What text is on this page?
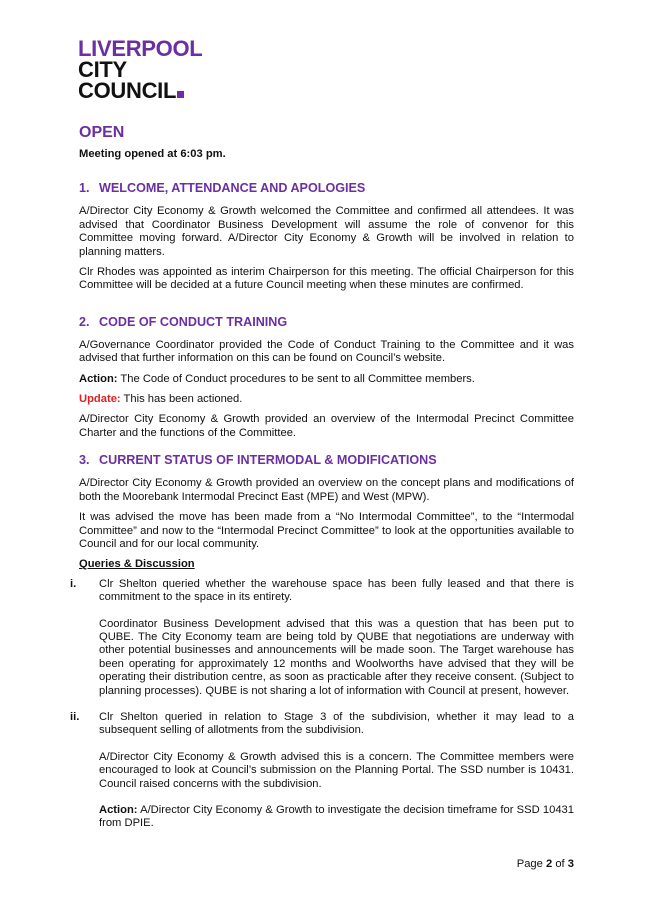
LIVERPOOL
CITY
COUNCIL
OPEN
Meeting opened at 6:03 pm.
1. WELCOME, ATTENDANCE AND APOLOGIES

A/Director City Economy & Growth welcomed the Committee and confirmed all attendees. It was advised that Coordinator Business Development will assume the role of convenor for this Committee moving forward. A/Director City Economy & Growth will be involved in relation to planning matters.

Clr Rhodes was appointed as interim Chairperson for this meeting. The official Chairperson for this Committee will be decided at a future Council meeting when these minutes are confirmed.

2. CODE OF CONDUCT TRAINING

A/Governance Coordinator provided the Code of Conduct Training to the Committee and it was advised that further information on this can be found on Council’s website.

Action: The Code of Conduct procedures to be sent to all Committee members.

Update: This has been actioned.

A/Director City Economy & Growth provided an overview of the Intermodal Precinct Committee Charter and the functions of the Committee.

3. CURRENT STATUS OF INTERMODAL & MODIFICATIONS

A/Director City Economy & Growth provided an overview on the concept plans and modifications of both the Moorebank Intermodal Precinct East (MPE) and West (MPW).

It was advised the move has been made from a “No Intermodal Committee”, to the “Intermodal Committee” and now to the “Intermodal Precinct Committee” to look at the opportunities available to Council and for our local community.

Queries & Discussion
i. Clr Shelton queried whether the warehouse space has been fully leased and that there is commitment to the space in its entirety.

Coordinator Business Development advised that this was a question that has been put to QUBE. The City Economy team are being told by QUBE that negotiations are underway with other potential businesses and announcements will be made soon. The Target warehouse has been operating for approximately 12 months and Woolworths have advised that they will be operating their distribution centre, as soon as practicable after they receive consent. (Subject to planning processes). QUBE is not sharing a lot of information with Council at present, however.

ii. Clr Shelton queried in relation to Stage 3 of the subdivision, whether it may lead to a subsequent selling of allotments from the subdivision.

A/Director City Economy & Growth advised this is a concern. The Committee members were encouraged to look at Council’s submission on the Planning Portal. The SSD number is 10431. Council raised concerns with the subdivision.

Action: A/Director City Economy & Growth to investigate the decision timeframe for SSD 10431 from DPIE.

Page 2 of 3
